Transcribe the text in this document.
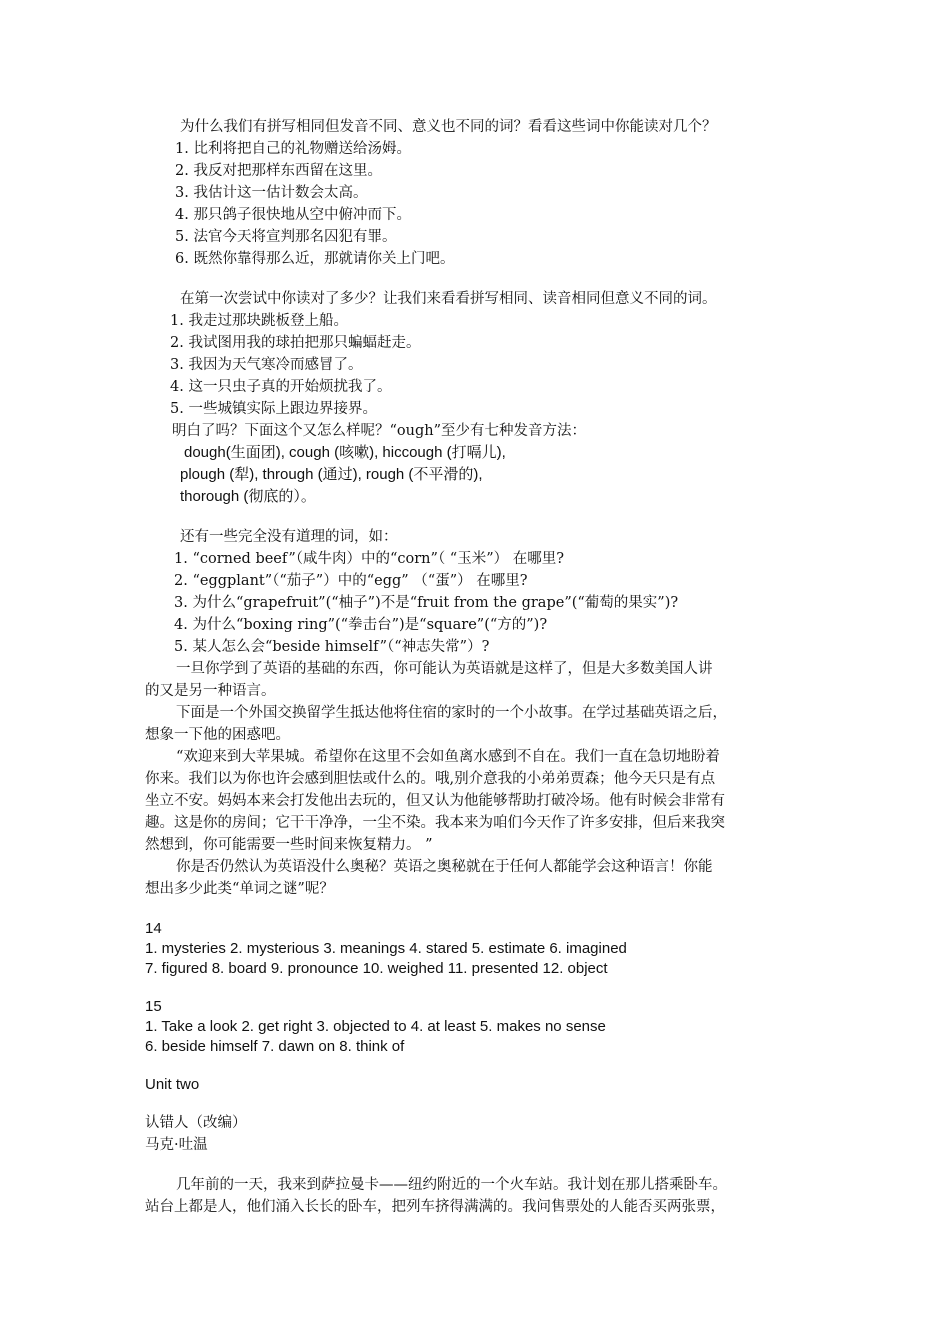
为什么我们有拼写相同但发音不同、意义也不同的词？看看这些词中你能读对几个？
1. 比利将把自己的礼物赠送给汤姆。
2. 我反对把那样东西留在这里。
3. 我估计这一估计数会太高。
4. 那只鸽子很快地从空中俯冲而下。
5. 法官今天将宣判那名囚犯有罪。
6. 既然你靠得那么近，那就请你关上门吧。
在第一次尝试中你读对了多少？让我们来看看拼写相同、读音相同但意义不同的词。
1. 我走过那块跳板登上船。
2. 我试图用我的球拍把那只蝙蝠赶走。
3. 我因为天气寒冷而感冒了。
4. 这一只虫子真的开始烦扰我了。
5. 一些城镇实际上跟边界接界。
明白了吗？下面这个又怎么样呢？“ough”至少有七种发音方法：
dough(生面团), cough (咳嗽), hiccough (打嗝儿),
plough (犁), through (通过), rough (不平滑的),
thorough (彻底的）。
还有一些完全没有道理的词，如：
1. “corned beef”（咸牛肉）中的“corn”（ “玉米”） 在哪里?
2. “eggplant”（“茄子”）中的“egg” （“蛋”） 在哪里?
3. 为什么“grapefruit”(“柚子”)不是“fruit from the grape”(“葡萄的果实”)?
4. 为什么“boxing ring”(“拳击台”)是“square”(“方的”)?
5. 某人怎么会“beside himself”（“神志失常”）?
一旦你学到了英语的基础的东西，你可能认为英语就是这样了，但是大多数美国人讲
的又是另一种语言。
下面是一个外国交换留学生抵达他将住宿的家时的一个小故事。在学过基础英语之后，
想象一下他的困惑吧。
“欢迎来到大苹果城。希望你在这里不会如鱼离水感到不自在。我们一直在急切地盼着
你来。我们以为你也许会感到胆怯或什么的。哦,别介意我的小弟弟贾森；他今天只是有点
坐立不安。妈妈本来会打发他出去玩的，但又认为他能够帮助打破冷场。他有时候会非常有
趣。这是你的房间；它干干净净，一尘不染。我本来为咱们今天作了许多安排，但后来我突
然想到，你可能需要一些时间来恢复精力。 ”
你是否仍然认为英语没什么奥秘？英语之奥秘就在于任何人都能学会这种语言！你能
想出多少此类“单词之谜”呢？
14
1. mysteries 2. mysterious 3. meanings 4. stared 5. estimate 6. imagined
7. figured 8. board 9. pronounce 10. weighed 11. presented 12. object
15
1. Take a look 2. get right 3. objected to 4. at least 5. makes no sense
6. beside himself 7. dawn on 8. think of
Unit two
认错人（改编）
马克·吐温
几年前的一天，我来到萨拉曼卡——纽约附近的一个火车站。我计划在那儿搭乘卧车。
站台上都是人，他们涌入长长的卧车，把列车挤得满满的。我问售票处的人能否买两张票，
